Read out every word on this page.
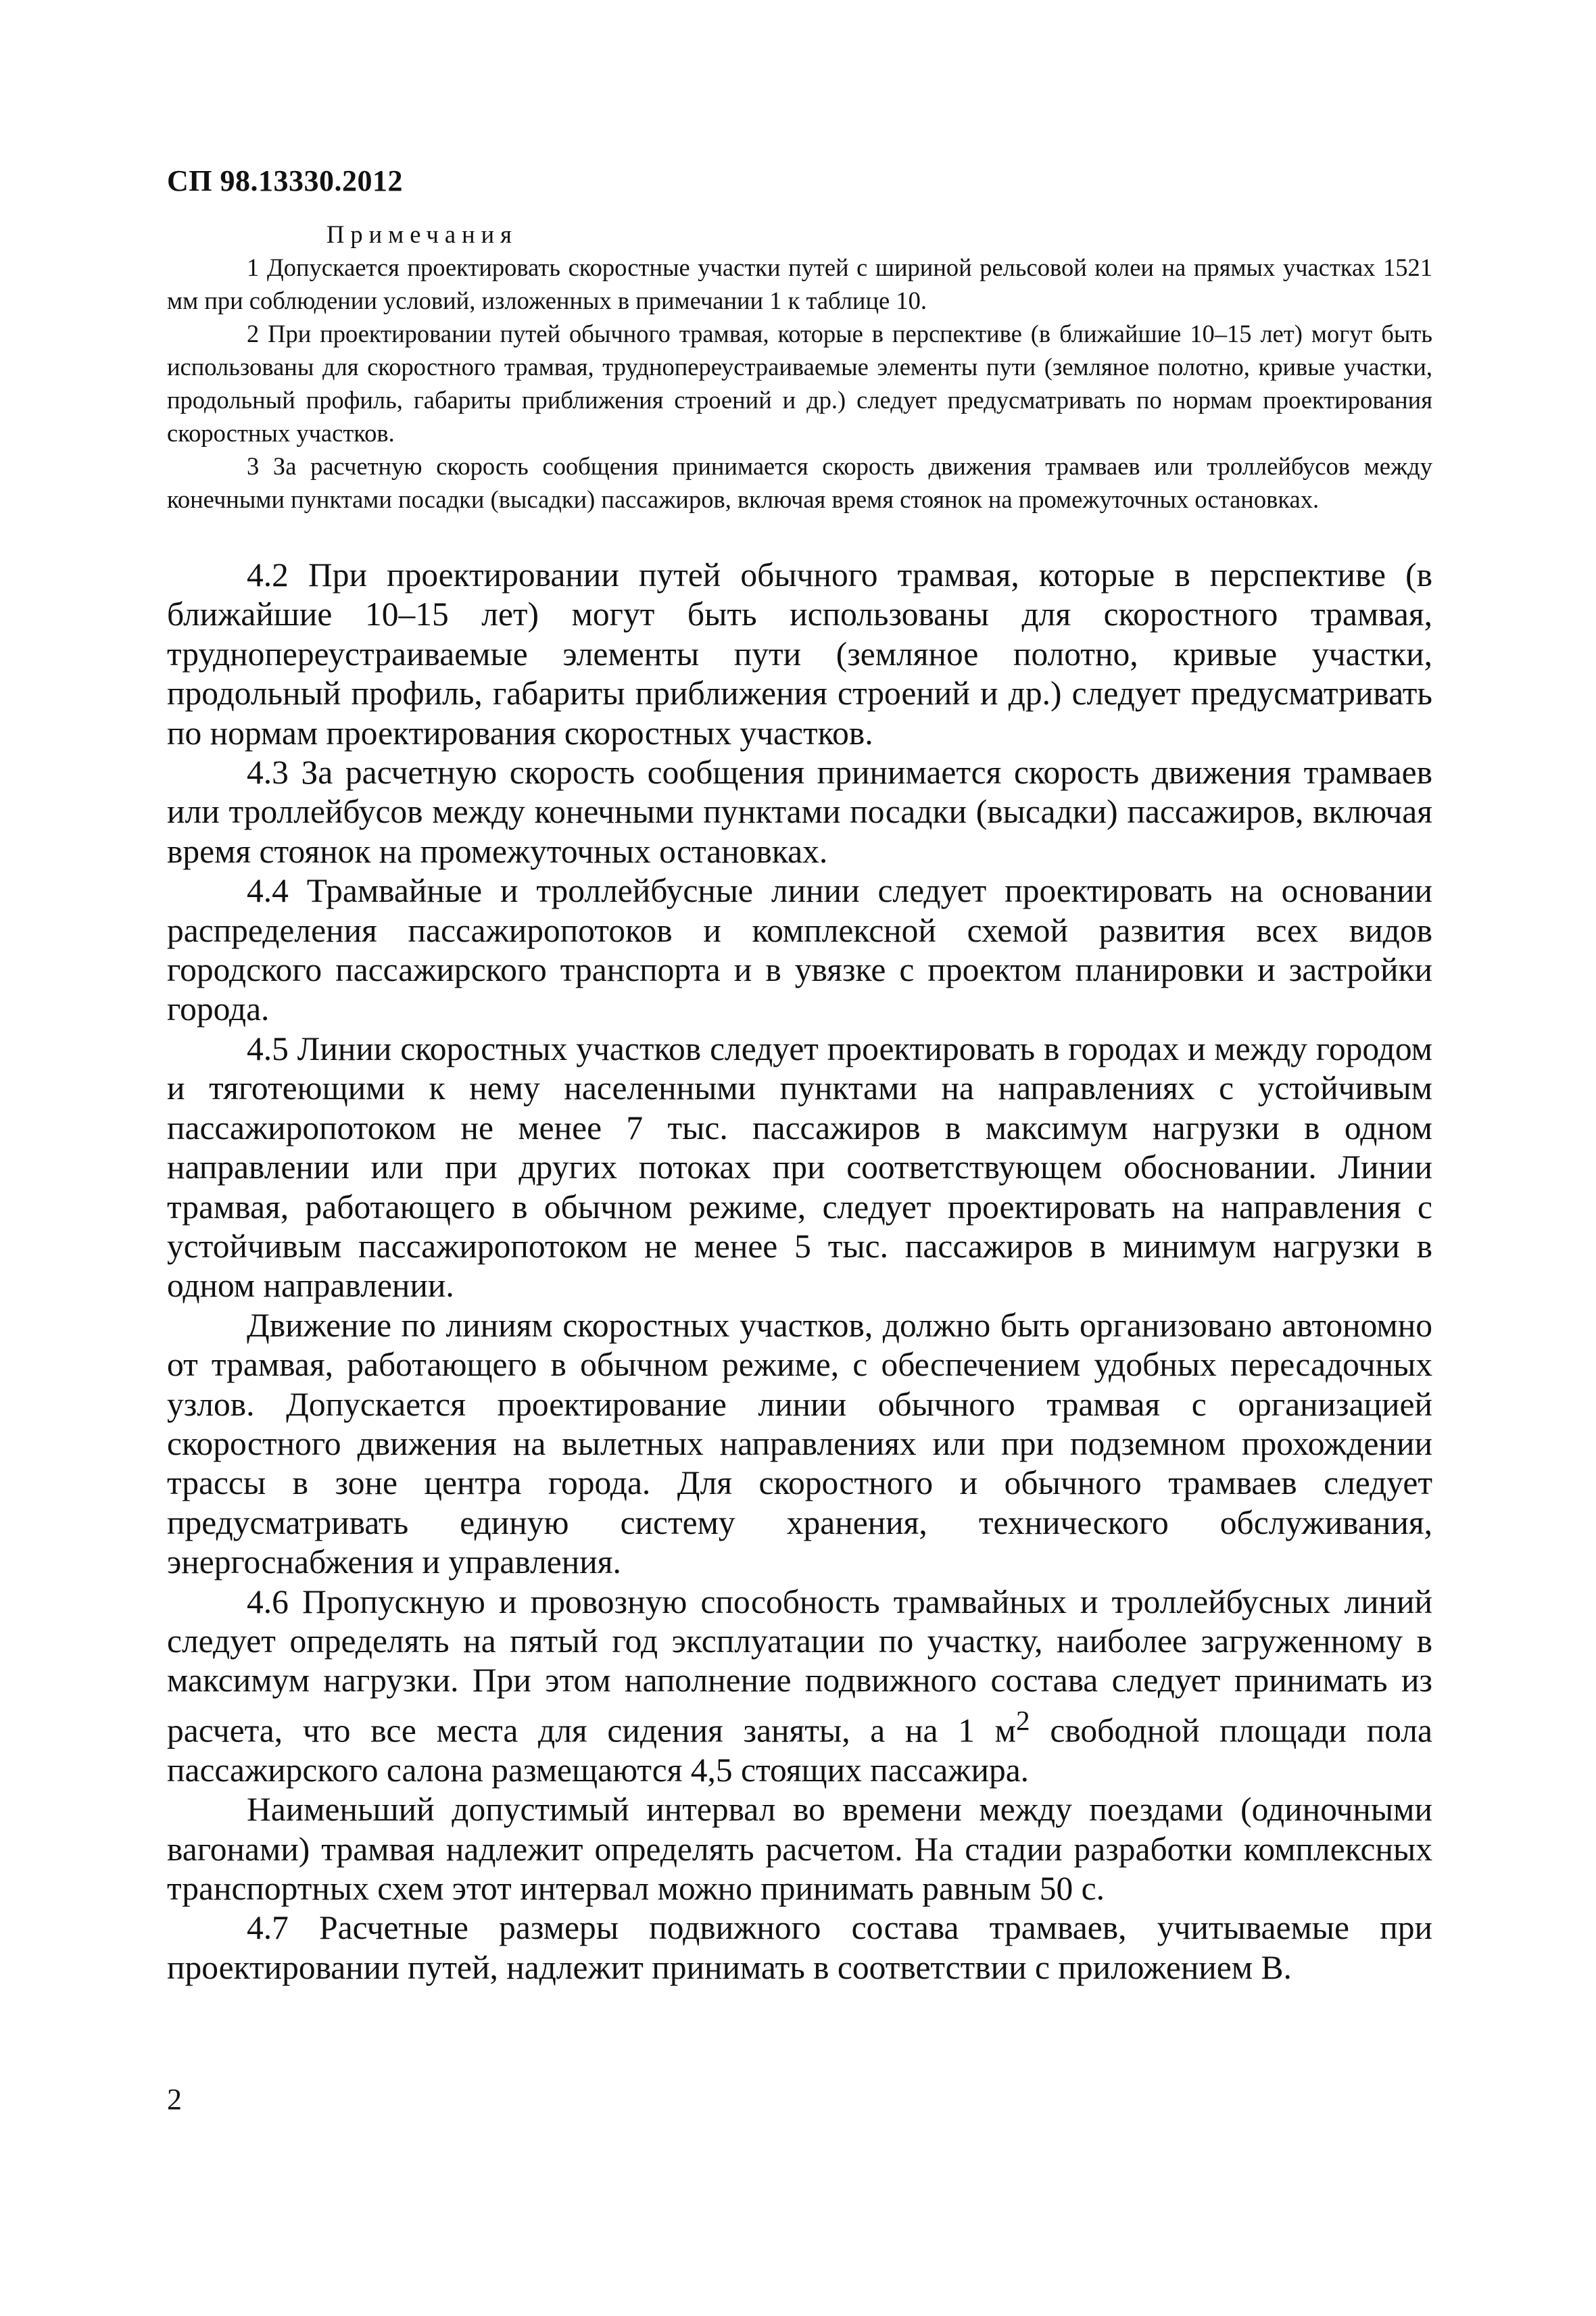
СП 98.13330.2012

Примечания

1 Допускается проектировать скоростные участки путей с шириной рельсовой колеи на прямых участках 1521 мм при соблюдении условий, изложенных в примечании 1 к таблице 10.

2 При проектировании путей обычного трамвая, которые в перспективе (в ближайшие 10–15 лет) могут быть использованы для скоростного трамвая, труднопереустраиваемые элементы пути (земляное полотно, кривые участки, продольный профиль, габариты приближения строений и др.) следует предусматривать по нормам проектирования скоростных участков.

3 За расчетную скорость сообщения принимается скорость движения трамваев или троллейбусов между конечными пунктами посадки (высадки) пассажиров, включая время стоянок на промежуточных остановках.

4.2 При проектировании путей обычного трамвая, которые в перспективе (в ближайшие 10–15 лет) могут быть использованы для скоростного трамвая, труднопереустраиваемые элементы пути (земляное полотно, кривые участки, продольный профиль, габариты приближения строений и др.) следует предусматривать по нормам проектирования скоростных участков.

4.3 За расчетную скорость сообщения принимается скорость движения трамваев или троллейбусов между конечными пунктами посадки (высадки) пассажиров, включая время стоянок на промежуточных остановках.

4.4 Трамвайные и троллейбусные линии следует проектировать на основании распределения пассажиропотоков и комплексной схемой развития всех видов городского пассажирского транспорта и в увязке с проектом планировки и застройки города.

4.5 Линии скоростных участков следует проектировать в городах и между городом и тяготеющими к нему населенными пунктами на направлениях с устойчивым пассажиропотоком не менее 7 тыс. пассажиров в максимум нагрузки в одном направлении или при других потоках при соответствующем обосновании. Линии трамвая, работающего в обычном режиме, следует проектировать на направления с устойчивым пассажиропотоком не менее 5 тыс. пассажиров в минимум нагрузки в одном направлении.

Движение по линиям скоростных участков, должно быть организовано автономно от трамвая, работающего в обычном режиме, с обеспечением удобных пересадочных узлов. Допускается проектирование линии обычного трамвая с организацией скоростного движения на вылетных направлениях или при подземном прохождении трассы в зоне центра города. Для скоростного и обычного трамваев следует предусматривать единую систему хранения, технического обслуживания, энергоснабжения и управления.

4.6 Пропускную и провозную способность трамвайных и троллейбусных линий следует определять на пятый год эксплуатации по участку, наиболее загруженному в максимум нагрузки. При этом наполнение подвижного состава следует принимать из расчета, что все места для сидения заняты, а на 1 $м^2$ свободной площади пола пассажирского салона размещаются 4,5 стоящих пассажира.

Наименьший допустимый интервал во времени между поездами (одиночными вагонами) трамвая надлежит определять расчетом. На стадии разработки комплексных транспортных схем этот интервал можно принимать равным 50 с.

4.7 Расчетные размеры подвижного состава трамваев, учитываемые при проектировании путей, надлежит принимать в соответствии с приложением В.

2
